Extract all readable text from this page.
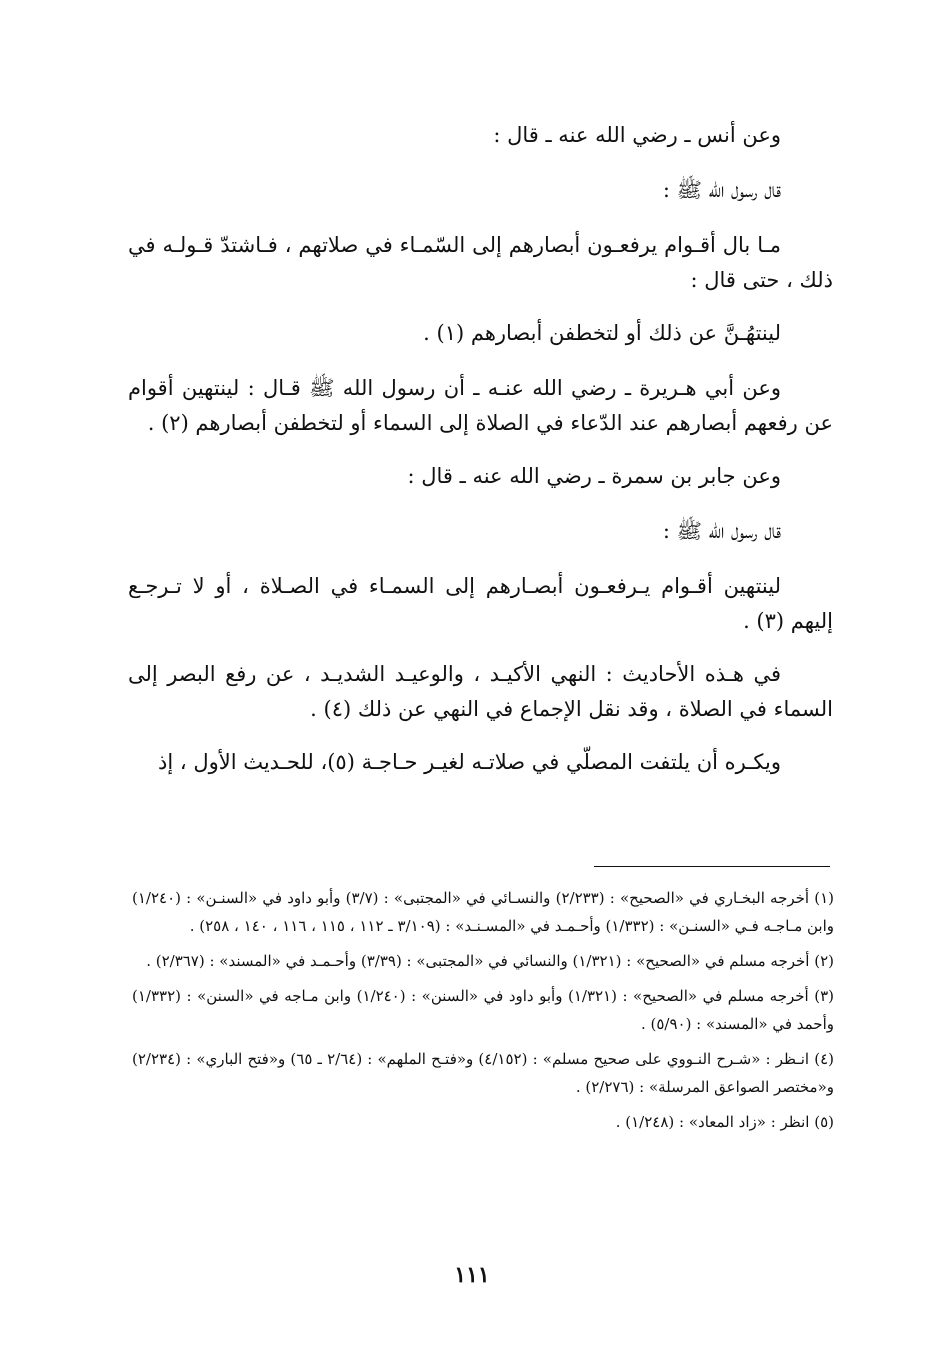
وعن أنس ـ رضي الله عنه ـ قال :

قال رسول الله ﷺ :

مـا بال أقـوام يرفعـون أبصارهم إلى السّمـاء في صلاتهم ، فـاشتدّ قـولـه في ذلك ، حتى قال :

لينتهُـنَّ عن ذلك أو لتخطفن أبصارهم (١) .

وعن أبي هـريرة ـ رضي الله عنـه ـ أن رسول الله ﷺ قـال : لينتهين أقوام عن رفعهم أبصارهم عند الدّعاء في الصلاة إلى السماء أو لتخطفن أبصارهم (٢) .

وعن جابر بن سمرة ـ رضي الله عنه ـ قال :

قال رسول الله ﷺ :

لينتهين أقـوام يـرفعـون أبصـارهم إلى السمـاء في الصـلاة ، أو لا تـرجـع إليهم (٣) .

في هـذه الأحاديث : النهي الأكيـد ، والوعيـد الشديـد ، عن رفع البصر إلى السماء في الصلاة ، وقد نقل الإجماع في النهي عن ذلك (٤) .

ويكـره أن يلتفت المصلّي في صلاتـه لغيـر حـاجـة (٥)، للحـديث الأول ، إذ

(١) أخرجه البخـاري في «الصحيح» : (٢/٢٣٣) والنسـائي في «المجتبى» : (٣/٧) وأبو داود في «السنـن» : (١/٢٤٠) وابن مـاجـه فـي «السنـن» : (١/٣٣٢) وأحـمـد في «المسـنـد» : (٣/١٠٩ ـ ١١٢ ، ١١٥ ، ١١٦ ، ١٤٠ ، ٢٥٨) .
(٢) أخرجه مسلم في «الصحيح» : (١/٣٢١) والنسائي في «المجتبى» : (٣/٣٩) وأحـمـد في «المسند» : (٢/٣٦٧) .
(٣) أخرجه مسلم في «الصحيح» : (١/٣٢١) وأبو داود في «السنن» : (١/٢٤٠) وابن مـاجه في «السنن» : (١/٣٣٢) وأحمد في «المسند» : (٥/٩٠) .
(٤) انـظر : «شـرح النـووي على صحيح مسلم» : (٤/١٥٢) و«فتـح الملهم» : (٢/٦٤ ـ ٦٥) و«فتح الباري» : (٢/٢٣٤) و«مختصر الصواعق المرسلة» : (٢/٢٧٦) .
(٥) انظر : «زاد المعاد» : (١/٢٤٨) .
١١١
